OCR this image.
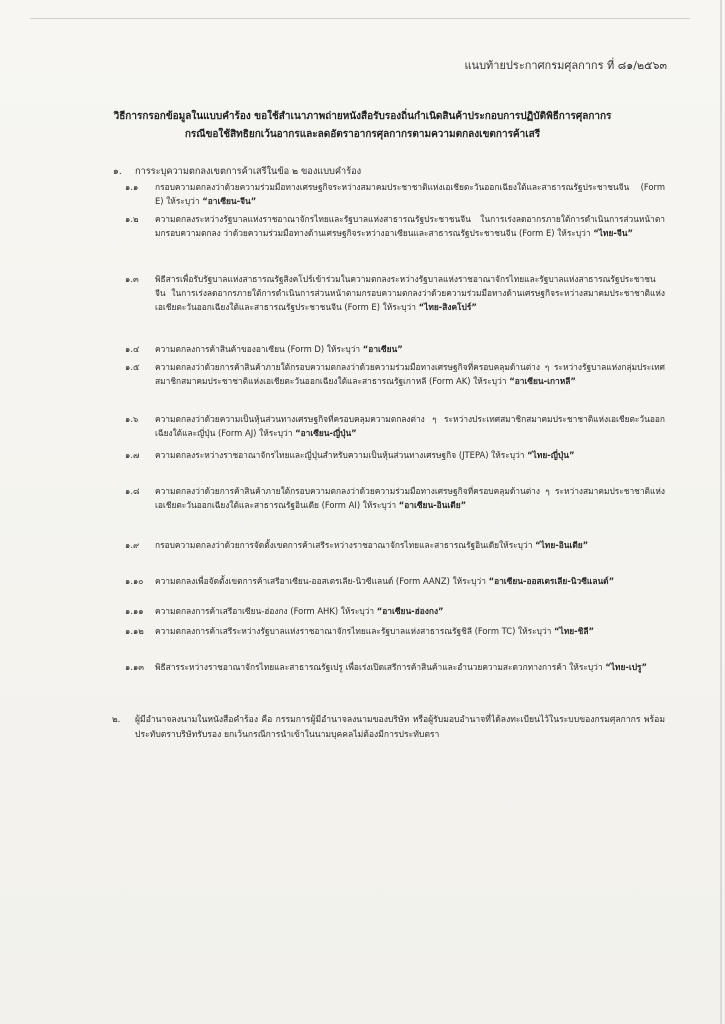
แนบท้ายประกาศกรมศุลกากร ที่ ๘๑/๒๕๖๓
วิธีการกรอกข้อมูลในแบบคำร้อง ขอใช้สำเนาภาพถ่ายหนังสือรับรองถิ่นกำเนิดสินค้าประกอบการปฏิบัติพิธีการศุลกากร
กรณีขอใช้สิทธิยกเว้นอากรและลดอัตราอากรศุลกากรตามความตกลงเขตการค้าเสรี
๑. การระบุความตกลงเขตการค้าเสรีในข้อ ๒ ของแบบคำร้อง
๑.๑ กรอบความตกลงว่าด้วยความร่วมมือทางเศรษฐกิจระหว่างสมาคมประชาชาติแห่งเอเชียตะวันออกเฉียงใต้และสาธารณรัฐประชาชนจีน (Form E) ให้ระบุว่า “อาเซียน-จีน”

๑.๒ ความตกลงระหว่างรัฐบาลแห่งราชอาณาจักรไทยและรัฐบาลแห่งสาธารณรัฐประชาชนจีน ในการเร่งลดอากรภายใต้การดำเนินการส่วนหน้าตามกรอบความตกลง ว่าด้วยความร่วมมือทางด้านเศรษฐกิจระหว่างอาเซียนและสาธารณรัฐประชาชนจีน (Form E) ให้ระบุว่า “ไทย-จีน”

๑.๓ พิธีสารเพื่อรับรัฐบาลแห่งสาธารณรัฐสิงคโปร์เข้าร่วมในความตกลงระหว่างรัฐบาลแห่งราชอาณาจักรไทยและรัฐบาลแห่งสาธารณรัฐประชาชนจีน ในการเร่งลดอากรภายใต้การดำเนินการส่วนหน้าตามกรอบความตกลงว่าด้วยความร่วมมือทางด้านเศรษฐกิจระหว่างสมาคมประชาชาติแห่งเอเชียตะวันออกเฉียงใต้และสาธารณรัฐประชาชนจีน (Form E) ให้ระบุว่า “ไทย-สิงคโปร์”

๑.๔ ความตกลงการค้าสินค้าของอาเซียน (Form D) ให้ระบุว่า “อาเซียน”

๑.๕ ความตกลงว่าด้วยการค้าสินค้าภายใต้กรอบความตกลงว่าด้วยความร่วมมือทางเศรษฐกิจที่ครอบคลุมด้านต่าง ๆ ระหว่างรัฐบาลแห่งกลุ่มประเทศสมาชิกสมาคมประชาชาติแห่งเอเชียตะวันออกเฉียงใต้และสาธารณรัฐเกาหลี (Form AK) ให้ระบุว่า “อาเซียน-เกาหลี”

๑.๖ ความตกลงว่าด้วยความเป็นหุ้นส่วนทางเศรษฐกิจที่ครอบคลุมความตกลงต่าง ๆ ระหว่างประเทศสมาชิกสมาคมประชาชาติแห่งเอเชียตะวันออกเฉียงใต้และญี่ปุ่น (Form AJ) ให้ระบุว่า “อาเซียน-ญี่ปุ่น”

๑.๗ ความตกลงระหว่างราชอาณาจักรไทยและญี่ปุ่นสำหรับความเป็นหุ้นส่วนทางเศรษฐกิจ (JTEPA) ให้ระบุว่า “ไทย-ญี่ปุ่น”

๑.๘ ความตกลงว่าด้วยการค้าสินค้าภายใต้กรอบความตกลงว่าด้วยความร่วมมือทางเศรษฐกิจที่ครอบคลุมด้านต่าง ๆ ระหว่างสมาคมประชาชาติแห่งเอเชียตะวันออกเฉียงใต้และสาธารณรัฐอินเดีย (Form AI) ให้ระบุว่า “อาเซียน-อินเดีย”

๑.๙ กรอบความตกลงว่าด้วยการจัดตั้งเขตการค้าเสรีระหว่างราชอาณาจักรไทยและสาธารณรัฐอินเดียให้ระบุว่า “ไทย-อินเดีย”

๑.๑๐ ความตกลงเพื่อจัดตั้งเขตการค้าเสรีอาเซียน-ออสเตรเลีย-นิวซีแลนด์ (Form AANZ) ให้ระบุว่า “อาเซียน-ออสเตรเลีย-นิวซีแลนด์”

๑.๑๑ ความตกลงการค้าเสรีอาเซียน-ฮ่องกง (Form AHK) ให้ระบุว่า “อาเซียน-ฮ่องกง”

๑.๑๒ ความตกลงการค้าเสรีระหว่างรัฐบาลแห่งราชอาณาจักรไทยและรัฐบาลแห่งสาธารณรัฐชิลี (Form TC) ให้ระบุว่า “ไทย-ชิลี”

๑.๑๓ พิธีสารระหว่างราชอาณาจักรไทยและสาธารณรัฐเปรู เพื่อเร่งเปิดเสรีการค้าสินค้าและอำนวยความสะดวกทางการค้า ให้ระบุว่า “ไทย-เปรู”

๒. ผู้มีอำนาจลงนามในหนังสือคำร้อง คือ กรรมการผู้มีอำนาจลงนามของบริษัท หรือผู้รับมอบอำนาจที่ได้ลงทะเบียนไว้ในระบบของกรมศุลกากร พร้อมประทับตราบริษัทรับรอง ยกเว้นกรณีการนำเข้าในนามบุคคลไม่ต้องมีการประทับตรา
